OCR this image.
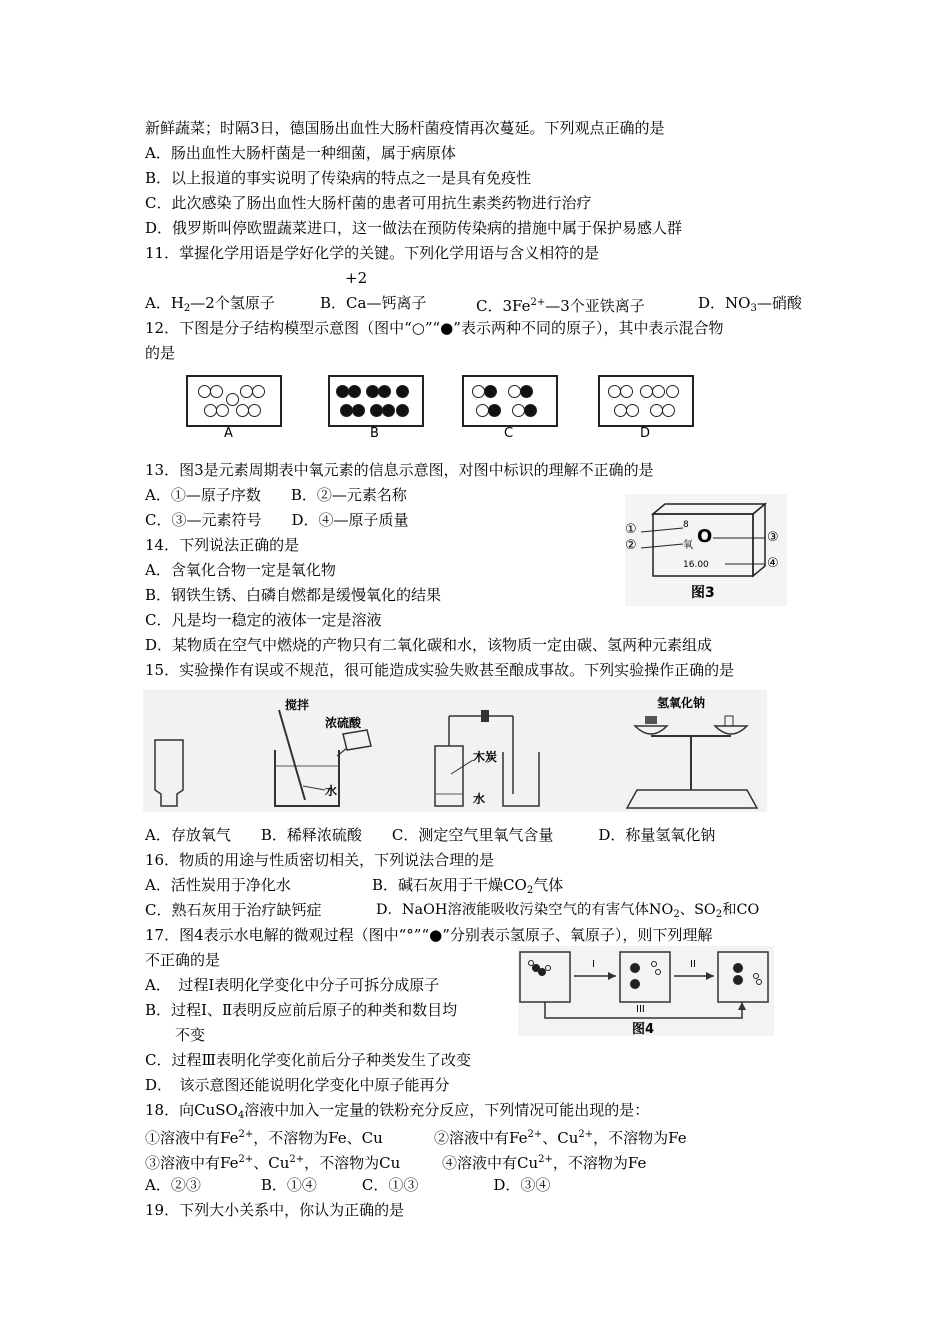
新鲜蔬菜；时隔3日，德国肠出血性大肠杆菌疫情再次蔓延。下列观点正确的是
A．肠出血性大肠杆菌是一种细菌，属于病原体
B．以上报道的事实说明了传染病的特点之一是具有免疫性
C．此次感染了肠出血性大肠杆菌的患者可用抗生素类药物进行治疗
D．俄罗斯叫停欧盟蔬菜进口，这一做法在预防传染病的措施中属于保护易感人群
11．掌握化学用语是学好化学的关键。下列化学用语与含义相符的是
+2
A．$H_2—2$个氢原子	B．Ca—钙离子	C．$3Fe^{2+}—3$个亚铁离子	D．$NO_3—$硝酸
12．下图是分子结构模型示意图（图中“○”“●”表示两种不同的原子），其中表示混合物
的是
A	B	C	D
13．图3是元素周期表中氧元素的信息示意图，对图中标识的理解不正确的是
A．①—原子序数　　B．②—元素名称
C．③—元素符号　　D．④—原子质量
①
②
③
④
8
氧 O
16.00
图3
14．下列说法正确的是
A．含氧化合物一定是氧化物
B．钢铁生锈、白磷自燃都是缓慢氧化的结果
C．凡是均一稳定的液体一定是溶液
D．某物质在空气中燃烧的产物只有二氧化碳和水，该物质一定由碳、氢两种元素组成
15．实验操作有误或不规范，很可能造成实验失败甚至酿成事故。下列实验操作正确的是
搅拌
浓硫酸
水
木炭
水
氢氧化钠
A．存放氧气　　B．稀释浓硫酸　　C．测定空气里氧气含量　　　D．称量氢氧化钠
16．物质的用途与性质密切相关，下列说法合理的是
A．活性炭用于净化水	B．碱石灰用于干燥$CO_2$气体
C．熟石灰用于治疗缺钙症	D．NaOH溶液能吸收污染空气的有害气体$NO_2$、$SO_2$和CO
17．图4表示水电解的微观过程（图中“°”“●”分别表示氢原子、氧原子），则下列理解
不正确的是
A．　过程Ⅰ表明化学变化中分子可拆分成原子
B．过程Ⅰ、Ⅱ表明反应前后原子的种类和数目均
　　不变
C．过程Ⅲ表明化学变化前后分子种类发生了改变
D．　该示意图还能说明化学变化中原子能再分
I	II
III
图4
18．向CuSO$_4$溶液中加入一定量的铁粉充分反应，下列情况可能出现的是：
①溶液中有$Fe^{2+}$，不溶物为Fe、Cu	②溶液中有$Fe^{2+}$、$Cu^{2+}$，不溶物为Fe
③溶液中有$Fe^{2+}$、$Cu^{2+}$，不溶物为Cu	④溶液中有$Cu^{2+}$，不溶物为Fe
A．②③　　　　B．①④　　　C．①③　　　　　D．③④
19．下列大小关系中，你认为正确的是
